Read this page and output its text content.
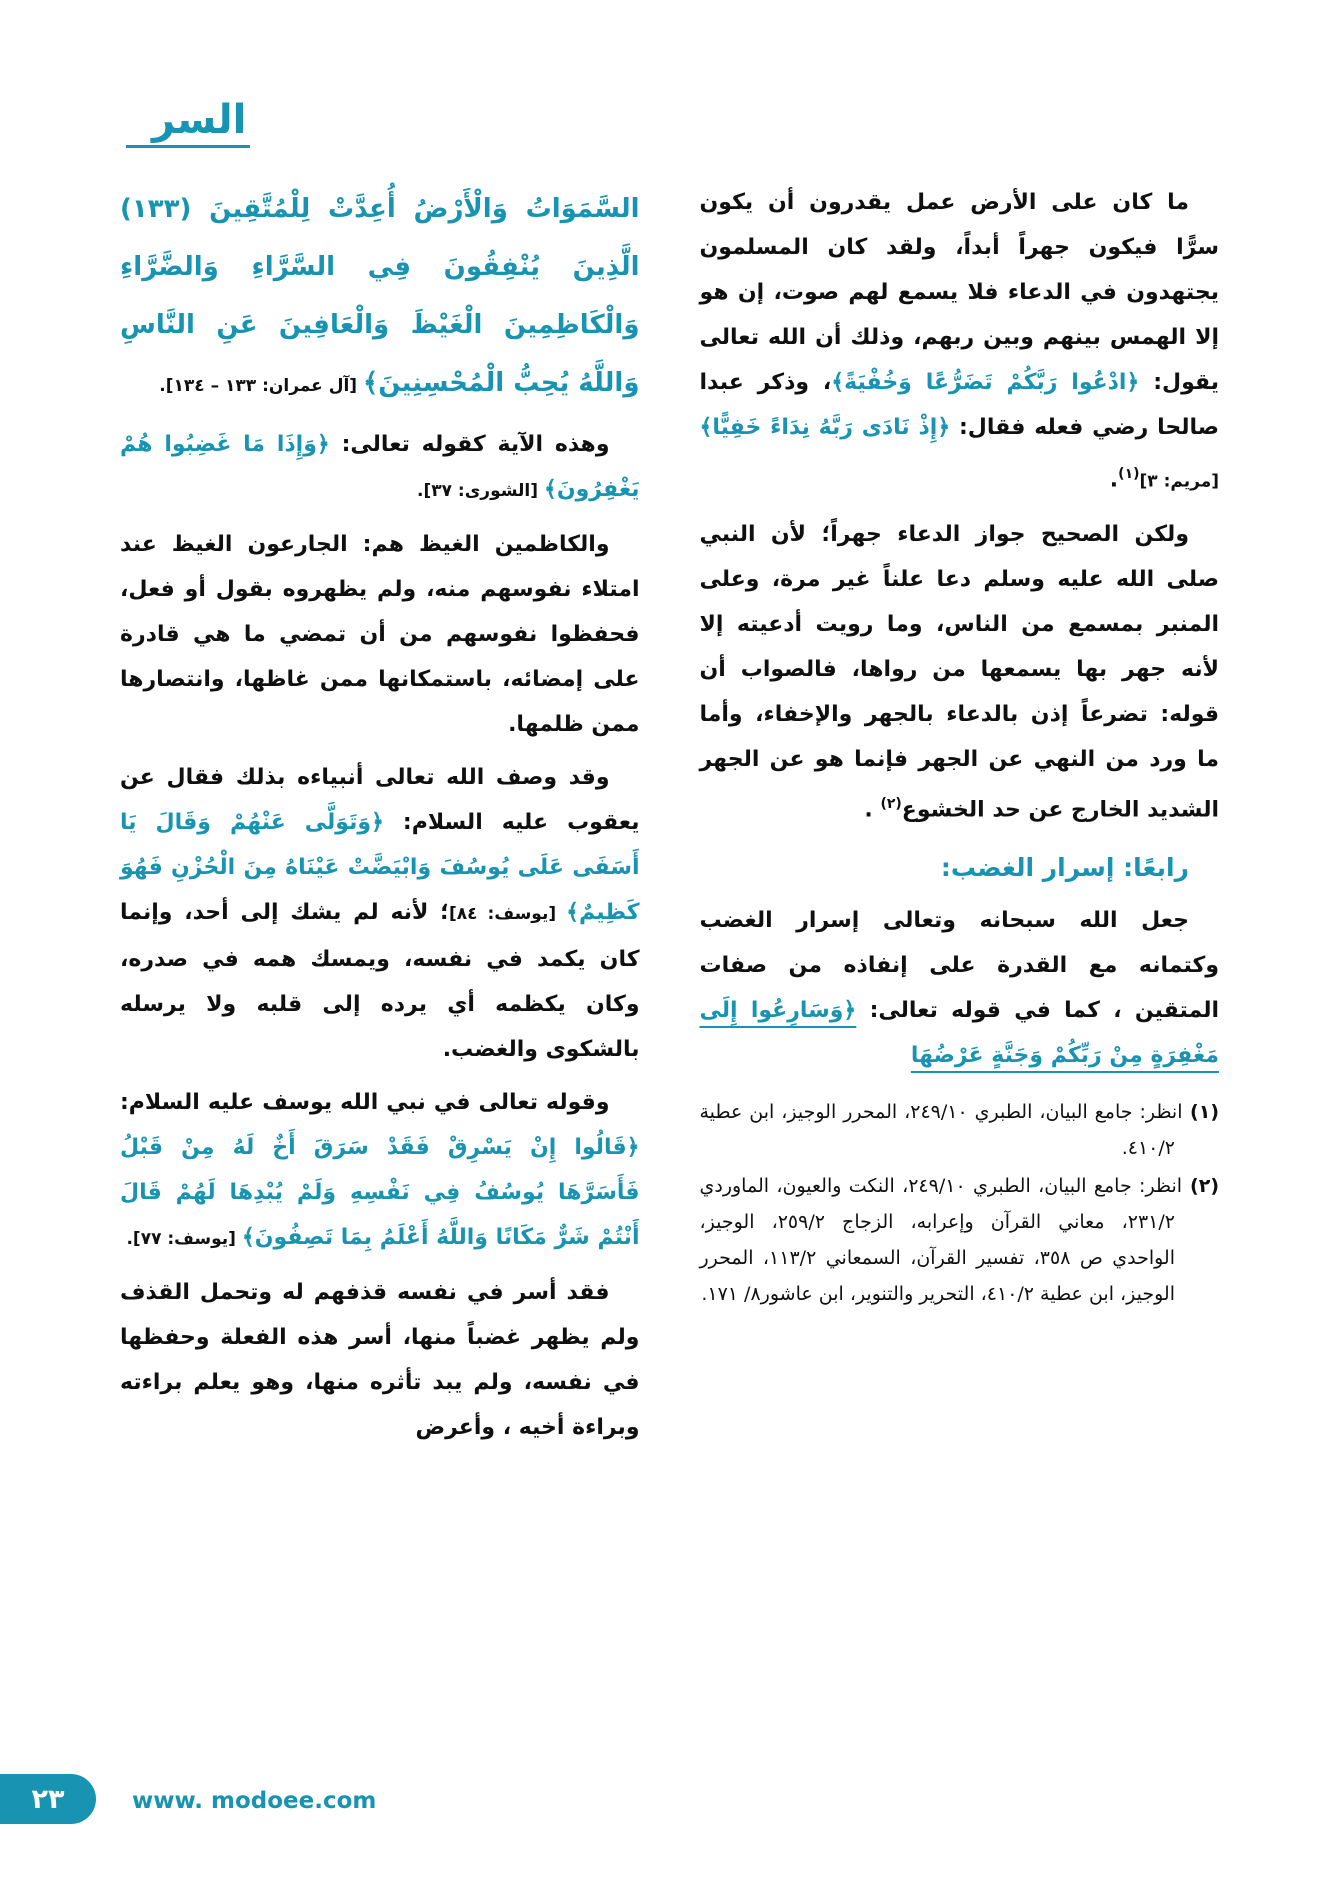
السر

ما كان على الأرض عمل يقدرون أن يكون سرًّا فيكون جهراً أبداً، ولقد كان المسلمون يجتهدون في الدعاء فلا يسمع لهم صوت، إن هو إلا الهمس بينهم وبين ربهم، وذلك أن الله تعالى يقول: ﴿ادْعُوا رَبَّكُمْ تَضَرُّعًا وَخُفْيَةً﴾، وذكر عبدا صالحا رضي فعله فقال: ﴿إِذْ نَادَى رَبَّهُ نِدَاءً خَفِيًّا﴾ [مريم: ٣]$^{(١)}$.

ولكن الصحيح جواز الدعاء جهراً؛ لأن النبي صلى الله عليه وسلم دعا علناً غير مرة، وعلى المنبر بمسمع من الناس، وما رويت أدعيته إلا لأنه جهر بها يسمعها من رواها، فالصواب أن قوله: تضرعاً إذن بالدعاء بالجهر والإخفاء، وأما ما ورد من النهي عن الجهر فإنما هو عن الجهر الشديد الخارج عن حد الخشوع$^{(٢)}$ .

رابعًا: إسرار الغضب:

جعل الله سبحانه وتعالى إسرار الغضب وكتمانه مع القدرة على إنفاذه من صفات المتقين ، كما في قوله تعالى: ﴿وَسَارِعُوا إِلَى مَغْفِرَةٍ مِنْ رَبِّكُمْ وَجَنَّةٍ عَرْضُهَا

(١) انظر: جامع البيان، الطبري ٢٤٩/١٠، المحرر الوجيز، ابن عطية ٤١٠/٢.
(٢) انظر: جامع البيان، الطبري ٢٤٩/١٠، النكت والعيون، الماوردي ٢٣١/٢، معاني القرآن وإعرابه، الزجاج ٢٥٩/٢، الوجيز، الواحدي ص ٣٥٨، تفسير القرآن، السمعاني ١١٣/٢، المحرر الوجيز، ابن عطية ٤١٠/٢، التحرير والتنوير، ابن عاشور٨/ ١٧١.

السَّمَوَاتُ وَالْأَرْضُ أُعِدَّتْ لِلْمُتَّقِينَ (١٣٣) الَّذِينَ يُنْفِقُونَ فِي السَّرَّاءِ وَالضَّرَّاءِ وَالْكَاظِمِينَ الْغَيْظَ وَالْعَافِينَ عَنِ النَّاسِ وَاللَّهُ يُحِبُّ الْمُحْسِنِينَ﴾ [آل عمران: ١٣٣ – ١٣٤].

وهذه الآية كقوله تعالى: ﴿وَإِذَا مَا غَضِبُوا هُمْ يَغْفِرُونَ﴾ [الشورى: ٣٧].

والكاظمين الغيظ هم: الجارعون الغيظ عند امتلاء نفوسهم منه، ولم يظهروه بقول أو فعل، فحفظوا نفوسهم من أن تمضي ما هي قادرة على إمضائه، باستمكانها ممن غاظها، وانتصارها ممن ظلمها.

وقد وصف الله تعالى أنبياءه بذلك فقال عن يعقوب عليه السلام: ﴿وَتَوَلَّى عَنْهُمْ وَقَالَ يَا أَسَفَى عَلَى يُوسُفَ وَابْيَضَّتْ عَيْنَاهُ مِنَ الْحُزْنِ فَهُوَ كَظِيمٌ﴾ [يوسف: ٨٤]؛ لأنه لم يشك إلى أحد، وإنما كان يكمد في نفسه، ويمسك همه في صدره، وكان يكظمه أي يرده إلى قلبه ولا يرسله بالشكوى والغضب.

وقوله تعالى في نبي الله يوسف عليه السلام: ﴿قَالُوا إِنْ يَسْرِقْ فَقَدْ سَرَقَ أَخٌ لَهُ مِنْ قَبْلُ فَأَسَرَّهَا يُوسُفُ فِي نَفْسِهِ وَلَمْ يُبْدِهَا لَهُمْ قَالَ أَنْتُمْ شَرٌّ مَكَانًا وَاللَّهُ أَعْلَمُ بِمَا تَصِفُونَ﴾ [يوسف: ٧٧].

فقد أسر في نفسه قذفهم له وتحمل القذف ولم يظهر غضباً منها، أسر هذه الفعلة وحفظها في نفسه، ولم يبد تأثره منها، وهو يعلم براءته وبراءة أخيه ، وأعرض

٢٣	www. modoee.com
